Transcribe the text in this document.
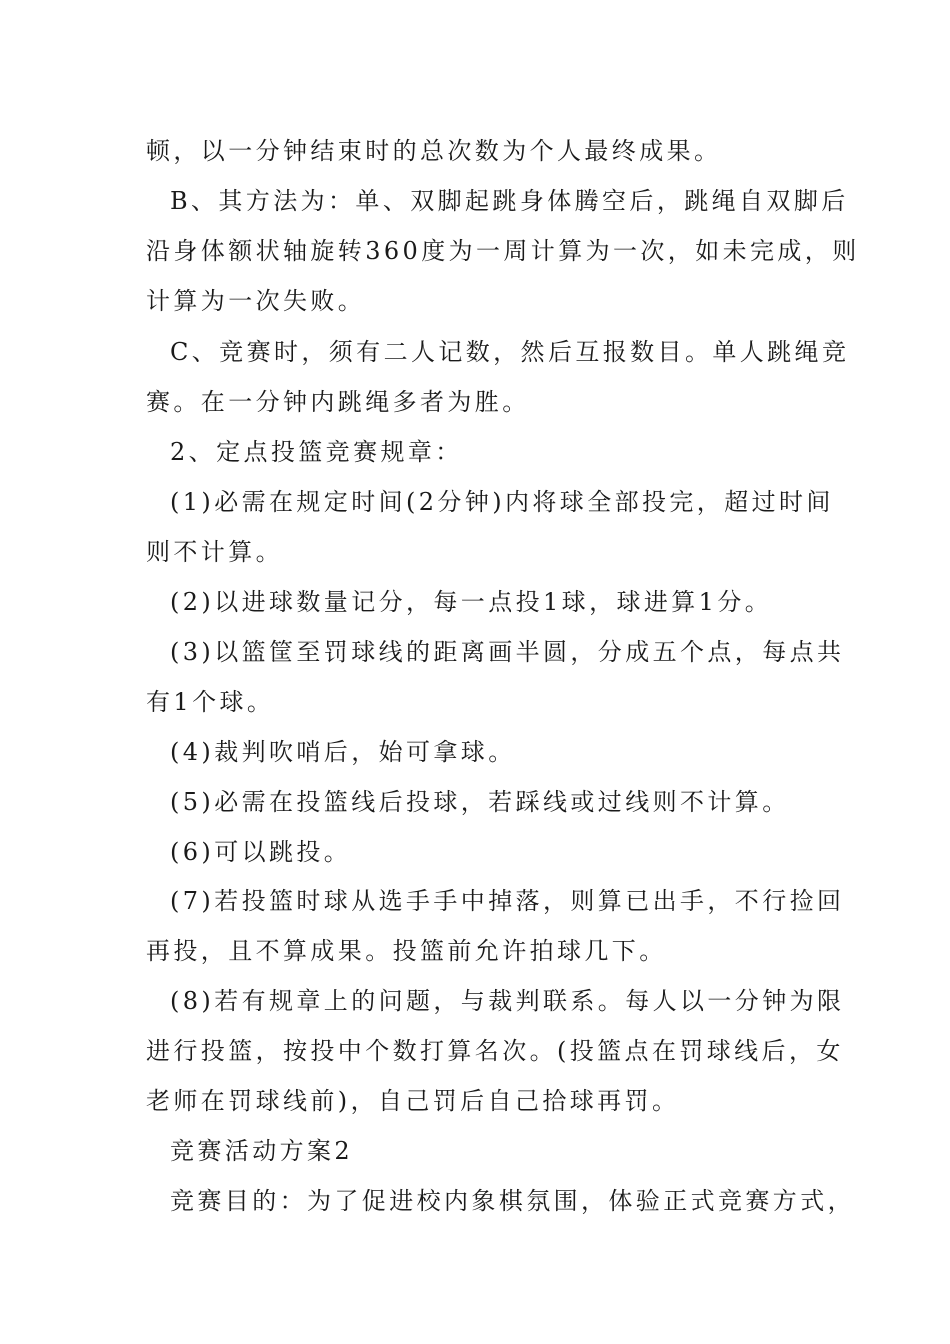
顿，以一分钟结束时的总次数为个人最终成果。
B、其方法为：单、双脚起跳身体腾空后，跳绳自双脚后
沿身体额状轴旋转360度为一周计算为一次，如未完成，则
计算为一次失败。
C、竞赛时，须有二人记数，然后互报数目。单人跳绳竞
赛。在一分钟内跳绳多者为胜。
2、定点投篮竞赛规章：
(1)必需在规定时间(2分钟)内将球全部投完，超过时间
则不计算。
(2)以进球数量记分，每一点投1球，球进算1分。
(3)以篮筐至罚球线的距离画半圆，分成五个点，每点共
有1个球。
(4)裁判吹哨后，始可拿球。
(5)必需在投篮线后投球，若踩线或过线则不计算。
(6)可以跳投。
(7)若投篮时球从选手手中掉落，则算已出手，不行捡回
再投，且不算成果。投篮前允许拍球几下。
(8)若有规章上的问题，与裁判联系。每人以一分钟为限
进行投篮，按投中个数打算名次。(投篮点在罚球线后，女
老师在罚球线前)，自己罚后自己拾球再罚。
竞赛活动方案2
竞赛目的：为了促进校内象棋氛围，体验正式竞赛方式，
